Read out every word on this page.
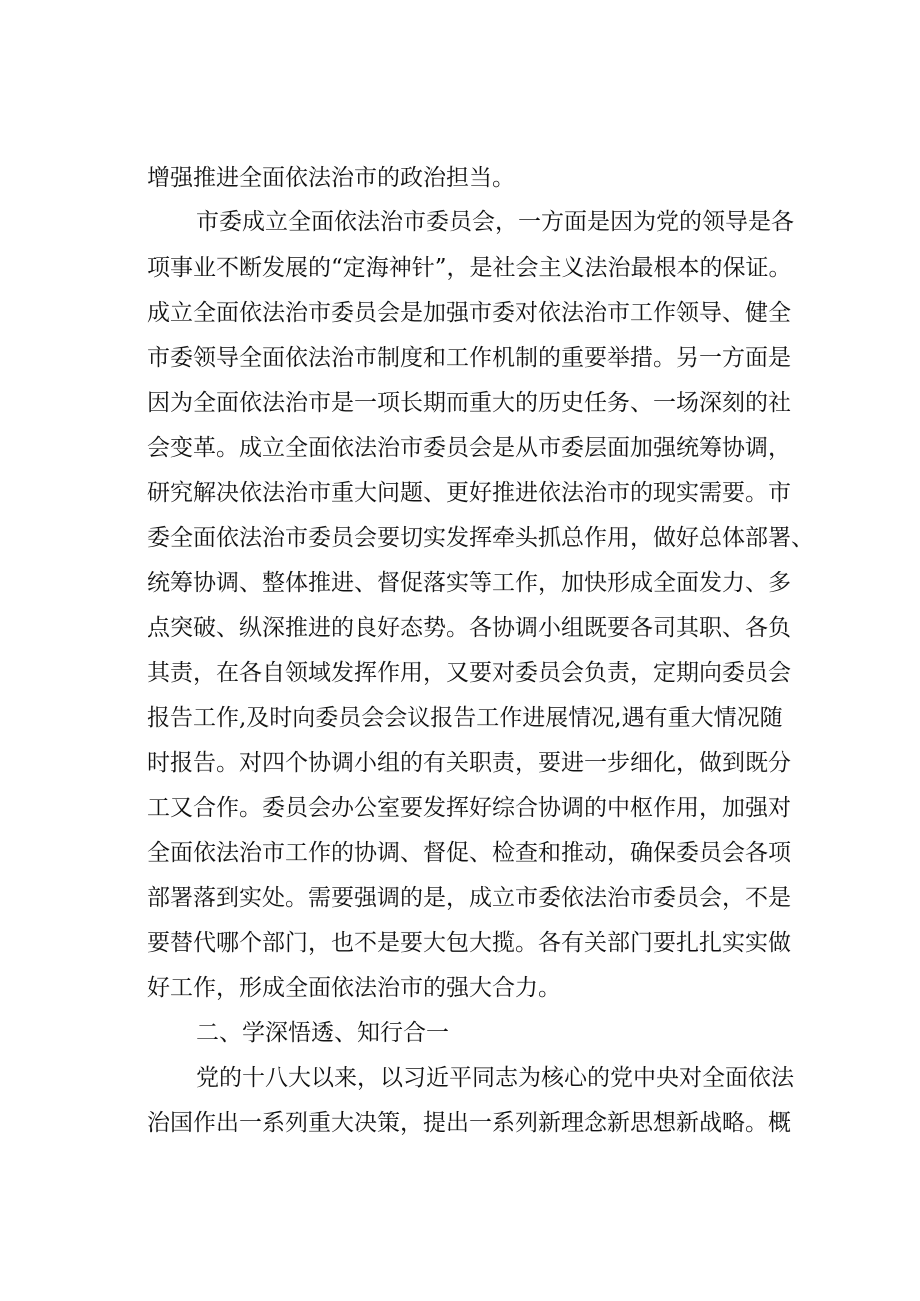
增强推进全面依法治市的政治担当。
市委成立全面依法治市委员会，一方面是因为党的领导是各
项事业不断发展的“定海神针”，是社会主义法治最根本的保证。
成立全面依法治市委员会是加强市委对依法治市工作领导、健全
市委领导全面依法治市制度和工作机制的重要举措。另一方面是
因为全面依法治市是一项长期而重大的历史任务、一场深刻的社
会变革。成立全面依法治市委员会是从市委层面加强统筹协调，
研究解决依法治市重大问题、更好推进依法治市的现实需要。市
委全面依法治市委员会要切实发挥牵头抓总作用，做好总体部署、
统筹协调、整体推进、督促落实等工作，加快形成全面发力、多
点突破、纵深推进的良好态势。各协调小组既要各司其职、各负
其责，在各自领域发挥作用，又要对委员会负责，定期向委员会
报告工作,及时向委员会会议报告工作进展情况,遇有重大情况随
时报告。对四个协调小组的有关职责，要进一步细化，做到既分
工又合作。委员会办公室要发挥好综合协调的中枢作用，加强对
全面依法治市工作的协调、督促、检查和推动，确保委员会各项
部署落到实处。需要强调的是，成立市委依法治市委员会，不是
要替代哪个部门，也不是要大包大揽。各有关部门要扎扎实实做
好工作，形成全面依法治市的强大合力。
二、学深悟透、知行合一
党的十八大以来，以习近平同志为核心的党中央对全面依法
治国作出一系列重大决策，提出一系列新理念新思想新战略。概
